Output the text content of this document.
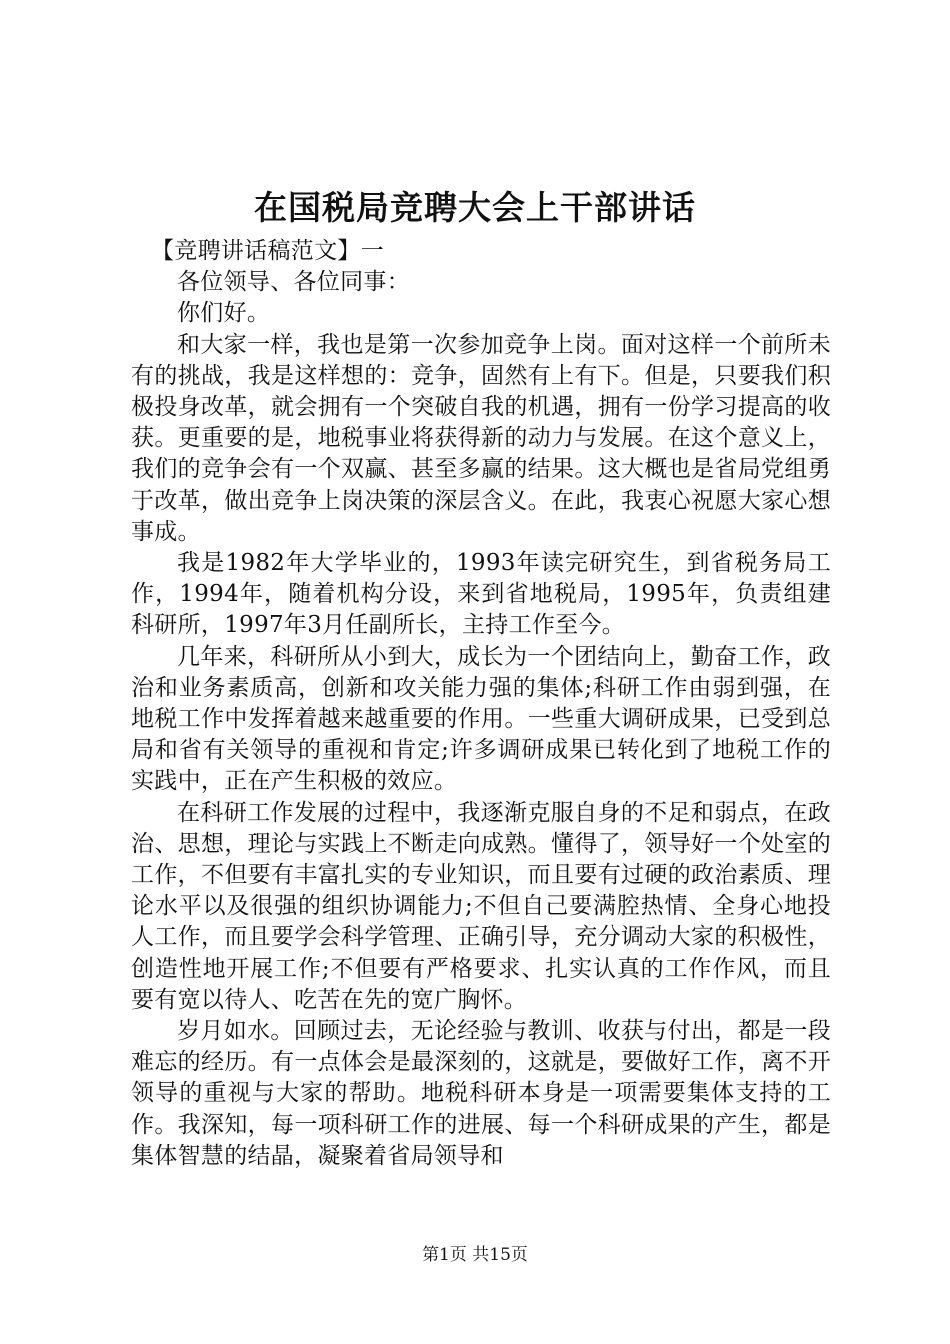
在国税局竞聘大会上干部讲话

【竞聘讲话稿范文】一

各位领导、各位同事：

你们好。

和大家一样，我也是第一次参加竞争上岗。面对这样一个前所未有的挑战，我是这样想的：竞争，固然有上有下。但是，只要我们积极投身改革，就会拥有一个突破自我的机遇，拥有一份学习提高的收获。更重要的是，地税事业将获得新的动力与发展。在这个意义上，我们的竞争会有一个双赢、甚至多赢的结果。这大概也是省局党组勇于改革，做出竞争上岗决策的深层含义。在此，我衷心祝愿大家心想事成。

我是1982年大学毕业的，1993年读完研究生，到省税务局工作，1994年，随着机构分设，来到省地税局，1995年，负责组建科研所，1997年3月任副所长，主持工作至今。

几年来，科研所从小到大，成长为一个团结向上，勤奋工作，政治和业务素质高，创新和攻关能力强的集体;科研工作由弱到强，在地税工作中发挥着越来越重要的作用。一些重大调研成果，已受到总局和省有关领导的重视和肯定;许多调研成果已转化到了地税工作的实践中，正在产生积极的效应。

在科研工作发展的过程中，我逐渐克服自身的不足和弱点，在政治、思想，理论与实践上不断走向成熟。懂得了，领导好一个处室的工作，不但要有丰富扎实的专业知识，而且要有过硬的政治素质、理论水平以及很强的组织协调能力;不但自己要满腔热情、全身心地投人工作，而且要学会科学管理、正确引导，充分调动大家的积极性，创造性地开展工作;不但要有严格要求、扎实认真的工作作风，而且要有宽以待人、吃苦在先的宽广胸怀。

岁月如水。回顾过去，无论经验与教训、收获与付出，都是一段难忘的经历。有一点体会是最深刻的，这就是，要做好工作，离不开领导的重视与大家的帮助。地税科研本身是一项需要集体支持的工作。我深知，每一项科研工作的进展、每一个科研成果的产生，都是集体智慧的结晶，凝聚着省局领导和

第1页 共15页
